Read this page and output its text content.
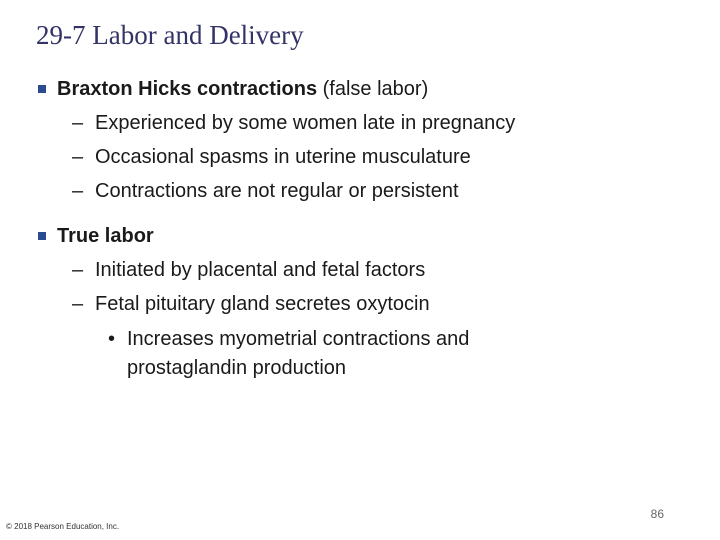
29-7 Labor and Delivery
Braxton Hicks contractions (false labor)
– Experienced by some women late in pregnancy
– Occasional spasms in uterine musculature
– Contractions are not regular or persistent
True labor
– Initiated by placental and fetal factors
– Fetal pituitary gland secretes oxytocin
• Increases myometrial contractions and
prostaglandin production
86
© 2018 Pearson Education, Inc.
